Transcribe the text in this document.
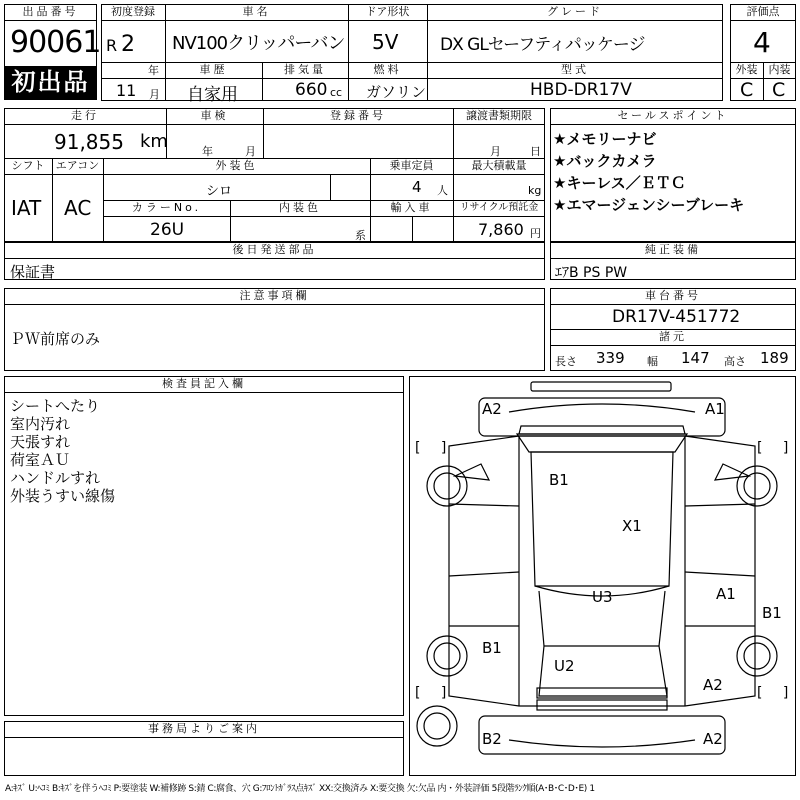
出品番号
90061
初出品
初度登録
R 2
年
11 月
車名
NV100クリッパーバン
ドア形状
5V
グレード
DX GLセーフティパッケージ
車歴
自家用
排気量
660 cc
燃料
ガソリン
型式
HBD-DR17V
評価点
4
外装	内装
C C
走行
91,855 km
車検
年	月
登録番号	譲渡書類期限
月	日
シフト
IAT
エアコン
AC
外装色
シロ
乗車定員
4 人
最大積載量
kg
カラーNo.
26U
内装色
系
輸入車	リサイクル預託金
7,860 円
セールスポイント
★メモリーナビ
★バックカメラ
★キーレス／ＥＴＣ
★エマージェンシーブレーキ
後日発送部品
保証書
純正装備
ｴｱB PS PW
注意事項欄
ＰＷ前席のみ
車台番号
DR17V-451772
諸元
長さ 339 幅 147 高さ 189
検査員記入欄
シートへたり
室内汚れ
天張すれ
荷室ＡＵ
ハンドルすれ
外装うすい線傷
事務局よりご案内
[ ]	[ ]
[ ]	[ ]
A2	A1
B1
X1
U3	A1
B1
B1
U2
A2
B2	A2
A:ｷｽﾞ U:ﾍｺﾐ B:ｷｽﾞを伴うﾍｺﾐ P:要塗装 W:補修跡 S:錆 C:腐食、穴 G:ﾌﾛﾝﾄｶﾞﾗｽ点ｷｽﾞ XX:交換済み X:要交換 欠:欠品 内・外装評価 5段階ﾗﾝｸ順(A･B･C･D･E) 1
